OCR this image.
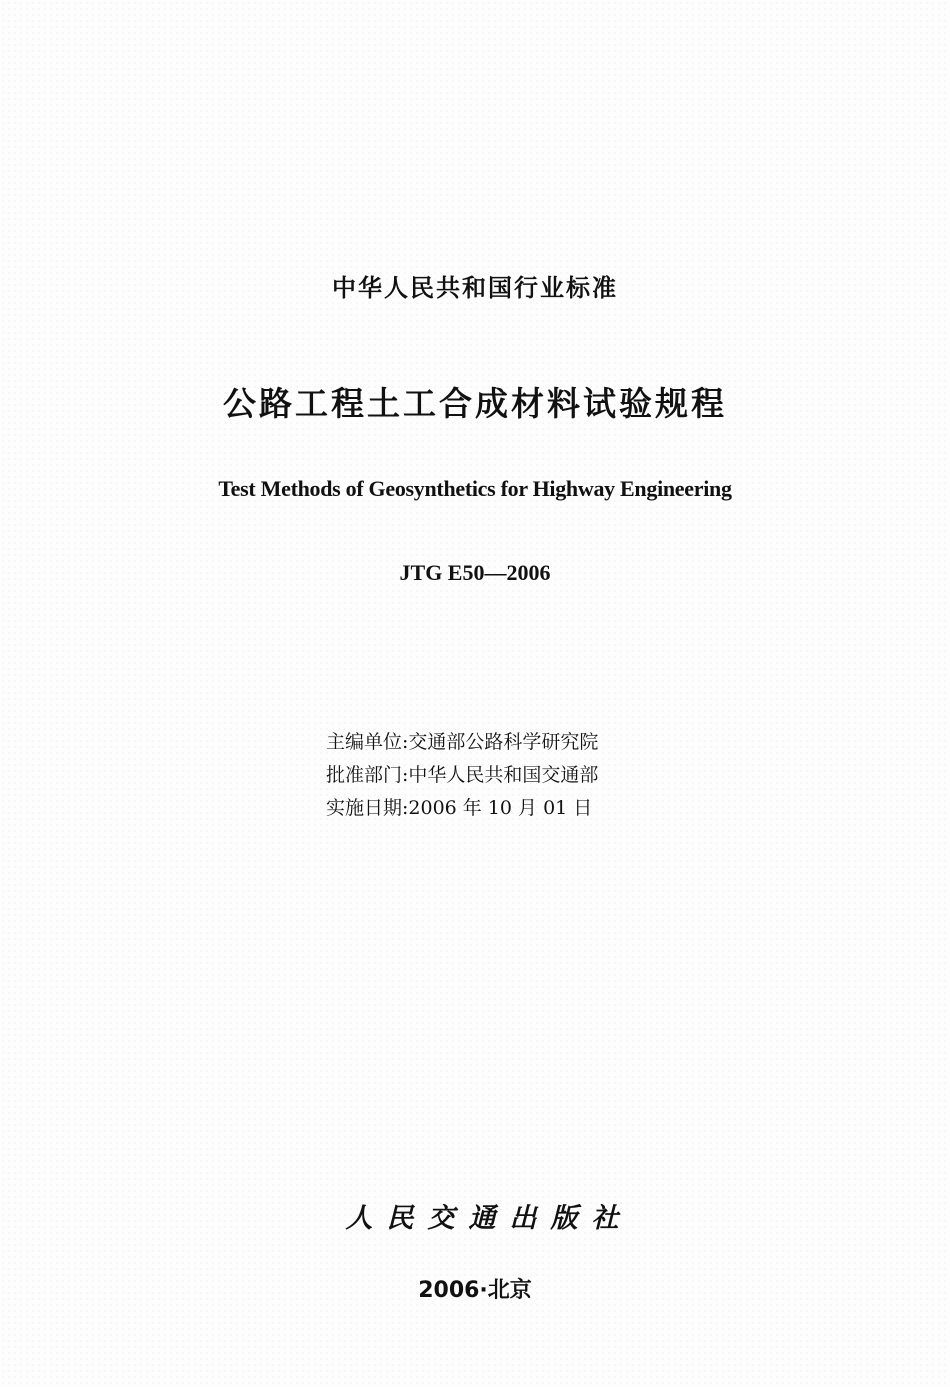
中华人民共和国行业标准
公路工程土工合成材料试验规程
Test Methods of Geosynthetics for Highway Engineering
JTG E50—2006
主编单位:交通部公路科学研究院
批准部门:中华人民共和国交通部
实施日期:2006 年 10 月 01 日
人民交通出版社
2006·北京
